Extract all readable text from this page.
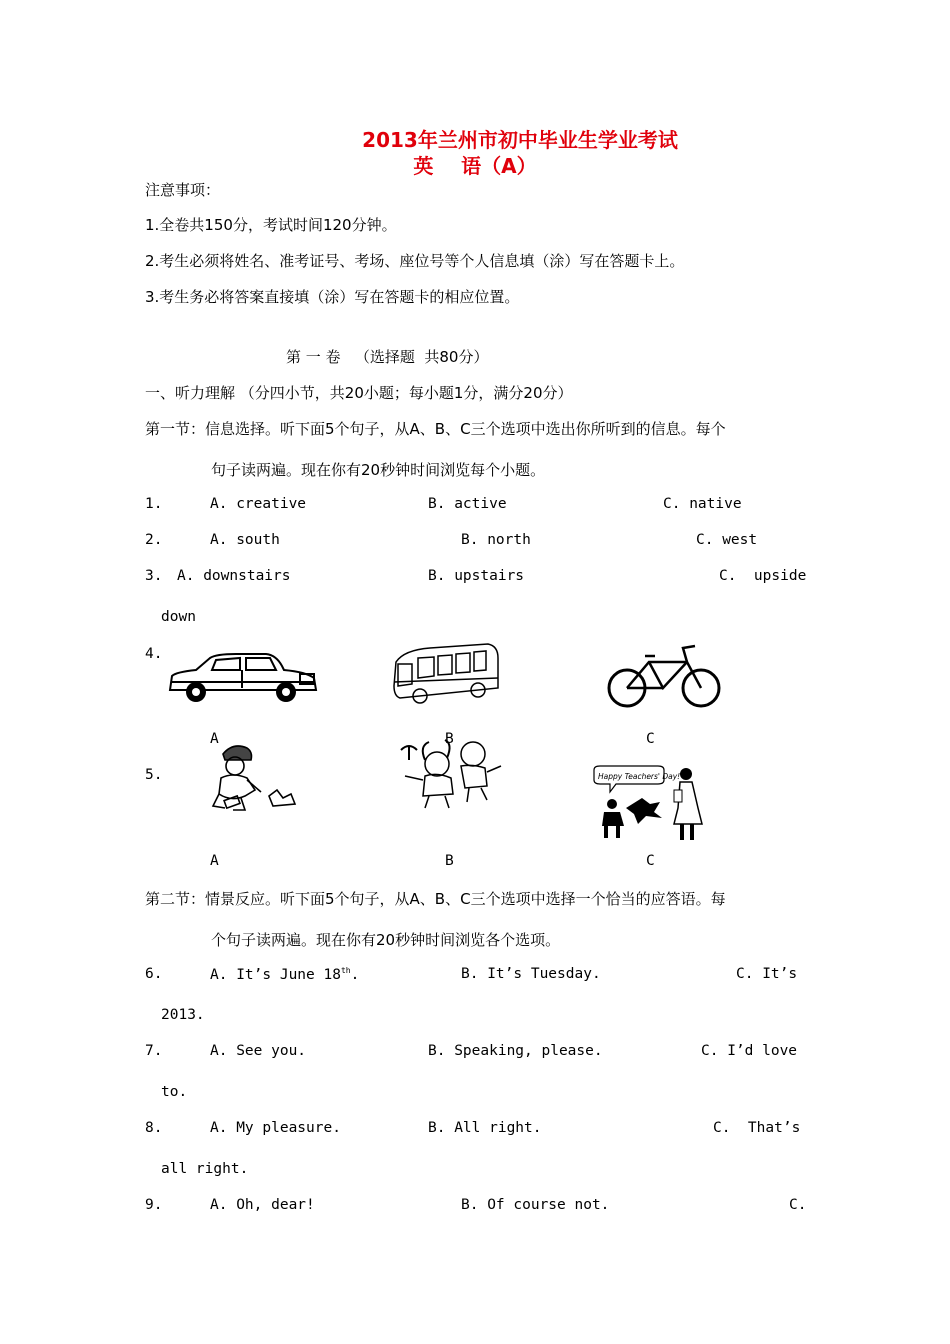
2013年兰州市初中毕业生学业考试
英    语（A）
注意事项：
1.全卷共150分，考试时间120分钟。
2.考生必须将姓名、准考证号、考场、座位号等个人信息填（涂）写在答题卡上。
3.考生务必将答案直接填（涂）写在答题卡的相应位置。
第 一 卷   （选择题  共80分）
一、听力理解 （分四小节，共20小题；每小题1分，满分20分）
第一节：信息选择。听下面5个句子，从A、B、C三个选项中选出你所听到的信息。每个
句子读两遍。现在你有20秒钟时间浏览每个小题。
1.	A. creative	B. active	C. native
2.	A. south	B. north	C. west
3. A. downstairs	B. upstairs	C.  upside
down
4.
A	B	C
5.	Happy Teachers' Day!
A	B	C
第二节：情景反应。听下面5个句子，从A、B、C三个选项中选择一个恰当的应答语。每
个句子读两遍。现在你有20秒钟时间浏览各个选项。
6.	A. It’s June 18th.	B. It’s Tuesday.	C. It’s
2013.
7.	A. See you.	B. Speaking, please.	C. I’d love
to.
8.	A. My pleasure.	B. All right.	C.  That’s
all right.
9.	A. Oh, dear!	B. Of course not.	C.
